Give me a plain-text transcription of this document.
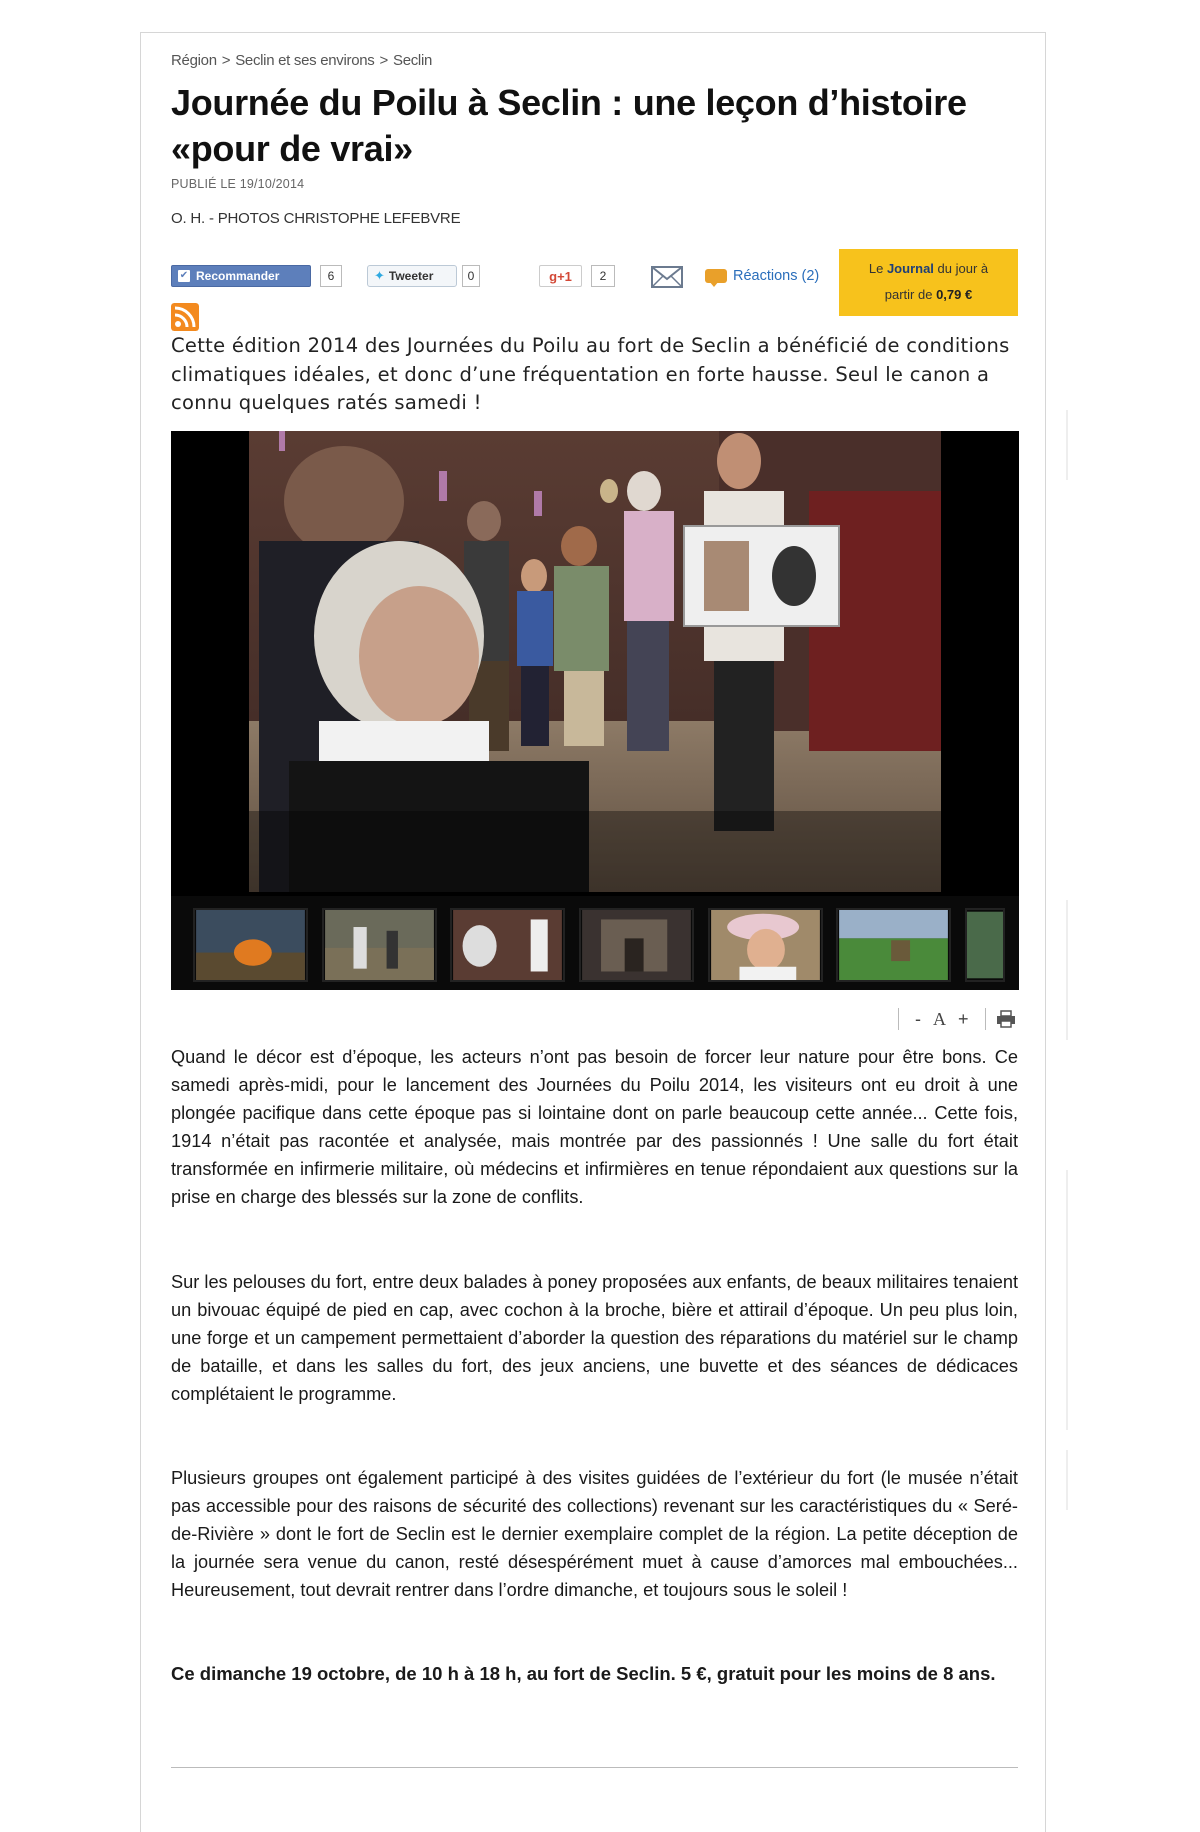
Région > Seclin et ses environs > Seclin
Journée du Poilu à Seclin : une leçon d’histoire «pour de vrai»
PUBLIÉ LE 19/10/2014
O. H. - PHOTOS CHRISTOPHE LEFEBVRE
✔ Recommander	6	✦ Tweeter	0	g +1	2	Réactions (2)	Le Journal du jour à
partir de 0,79 €
Cette édition 2014 des Journées du Poilu au fort de Seclin a bénéficié de conditions climatiques idéales, et donc d’une fréquentation en forte hausse. Seul le canon a connu quelques ratés samedi !
- A +
Quand le décor est d’époque, les acteurs n’ont pas besoin de forcer leur nature pour être bons. Ce samedi après-midi, pour le lancement des Journées du Poilu 2014, les visiteurs ont eu droit à une plongée pacifique dans cette époque pas si lointaine dont on parle beaucoup cette année... Cette fois, 1914 n’était pas racontée et analysée, mais montrée par des passionnés ! Une salle du fort était transformée en infirmerie militaire, où médecins et infirmières en tenue répondaient aux questions sur la prise en charge des blessés sur la zone de conflits.
Sur les pelouses du fort, entre deux balades à poney proposées aux enfants, de beaux militaires tenaient un bivouac équipé de pied en cap, avec cochon à la broche, bière et attirail d’époque. Un peu plus loin, une forge et un campement permettaient d’aborder la question des réparations du matériel sur le champ de bataille, et dans les salles du fort, des jeux anciens, une buvette et des séances de dédicaces complétaient le programme.
Plusieurs groupes ont également participé à des visites guidées de l’extérieur du fort (le musée n’était pas accessible pour des raisons de sécurité des collections) revenant sur les caractéristiques du « Seré-de-Rivière » dont le fort de Seclin est le dernier exemplaire complet de la région. La petite déception de la journée sera venue du canon, resté désespérément muet à cause d’amorces mal embouchées... Heureusement, tout devrait rentrer dans l’ordre dimanche, et toujours sous le soleil !
Ce dimanche 19 octobre, de 10 h à 18 h, au fort de Seclin. 5 €, gratuit pour les moins de 8 ans.
